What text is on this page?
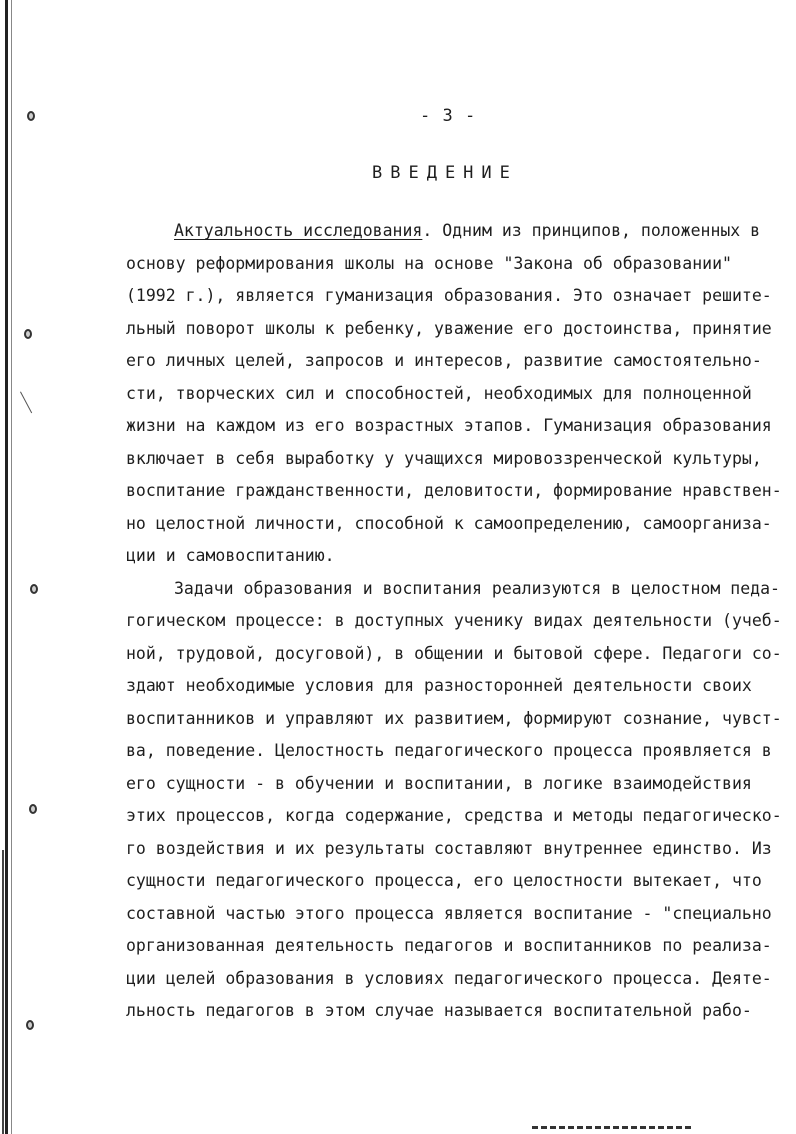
- 3 -
ВВЕДЕНИЕ
Актуальность исследования. Одним из принципов, положенных в
основу реформирования школы на основе "Закона об образовании"
(1992 г.), является гуманизация образования. Это означает решите-
льный поворот школы к ребенку, уважение его достоинства, принятие
его личных целей, запросов и интересов, развитие самостоятельно-
сти, творческих сил и способностей, необходимых для полноценной
жизни на каждом из его возрастных этапов. Гуманизация образования
включает в себя выработку у учащихся мировоззренческой культуры,
воспитание гражданственности, деловитости, формирование нравствен-
но целостной личности, способной к самоопределению, самоорганиза-
ции и самовоспитанию.
Задачи образования и воспитания реализуются в целостном педа-
гогическом процессе: в доступных ученику видах деятельности (учеб-
ной, трудовой, досуговой), в общении и бытовой сфере. Педагоги со-
здают необходимые условия для разносторонней деятельности своих
воспитанников и управляют их развитием, формируют сознание, чувст-
ва, поведение. Целостность педагогического процесса проявляется в
его сущности - в обучении и воспитании, в логике взаимодействия
этих процессов, когда содержание, средства и методы педагогическо-
го воздействия и их результаты составляют внутреннее единство. Из
сущности педагогического процесса, его целостности вытекает, что
составной частью этого процесса является воспитание - "специально
организованная деятельность педагогов и воспитанников по реализа-
ции целей образования в условиях педагогического процесса. Деяте-
льность педагогов в этом случае называется воспитательной рабо-
